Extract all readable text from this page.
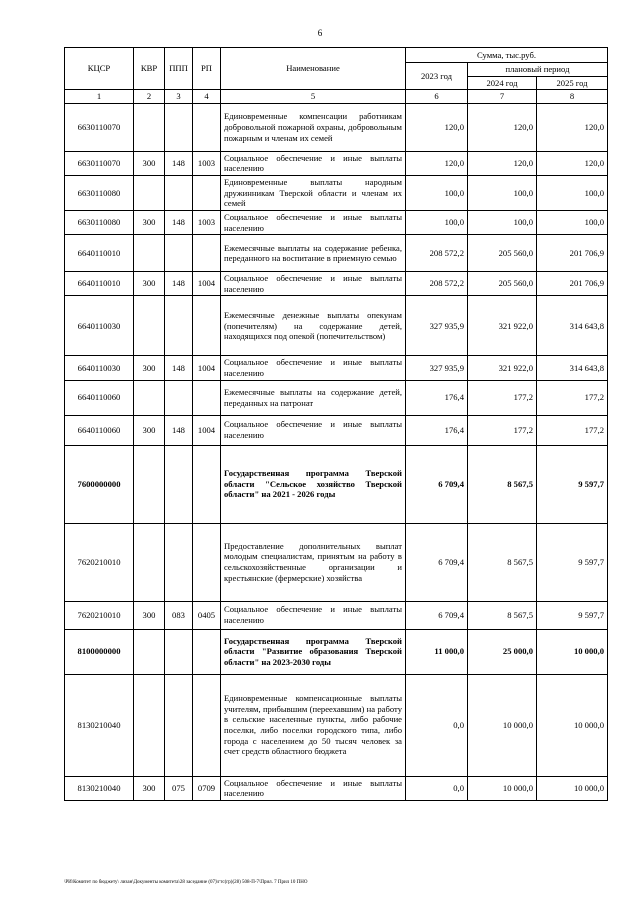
6
КЦСР	КВР	ППП	РП	Наименование	Сумма, тыс.руб.		
					2023 год	плановый период	
						2024 год	2025 год
1	2	3	4	5	6	7	8
6630110070				Единовременные компенсации работникам добровольной пожарной охраны, добровольным пожарным и членам их семей	120,0	120,0	120,0
6630110070	300	148	1003	Социальное обеспечение и иные выплаты населению	120,0	120,0	120,0
6630110080				Единовременные выплаты народным дружинникам Тверской области и членам их семей	100,0	100,0	100,0
6630110080	300	148	1003	Социальное обеспечение и иные выплаты населению	100,0	100,0	100,0
6640110010				Ежемесячные выплаты на содержание ребенка, переданного на воспитание в приемную семью	208 572,2	205 560,0	201 706,9
6640110010	300	148	1004	Социальное обеспечение и иные выплаты населению	208 572,2	205 560,0	201 706,9
6640110030				Ежемесячные денежные выплаты опекунам (попечителям) на содержание детей, находящихся под опекой (попечительством)	327 935,9	321 922,0	314 643,8
6640110030	300	148	1004	Социальное обеспечение и иные выплаты населению	327 935,9	321 922,0	314 643,8
6640110060				Ежемесячные выплаты на содержание детей, переданных на патронат	176,4	177,2	177,2
6640110060	300	148	1004	Социальное обеспечение и иные выплаты населению	176,4	177,2	177,2
7600000000				Государственная программа Тверской области "Сельское хозяйство Тверской области" на 2021 - 2026 годы	6 709,4	8 567,5	9 597,7
7620210010				Предоставление дополнительных выплат молодым специалистам, принятым на работу в сельскохозяйственные организации и крестьянские (фермерские) хозяйства	6 709,4	8 567,5	9 597,7
7620210010	300	083	0405	Социальное обеспечение и иные выплаты населению	6 709,4	8 567,5	9 597,7
8100000000				Государственная программа Тверской области "Развитие образования Тверской области" на 2023-2030 годы	11 000,0	25 000,0	10 000,0
8130210040				Единовременные компенсационные выплаты учителям, прибывшим (переехавшим) на работу в сельские населенные пункты, либо рабочие поселки, либо поселки городского типа, либо города с населением до 50 тысяч человек за счет средств областного бюджета	0,0	10 000,0	10 000,0
8130210040	300	075	0709	Социальное обеспечение и иные выплаты населению	0,0	10 000,0	10 000,0
\РИ\Комитет по бюджету\ лизан\Документы комитета\28 заседание (07)\гтс(гр)(28) 508-П-7\Прил. 7 Прил 10 ПНО
